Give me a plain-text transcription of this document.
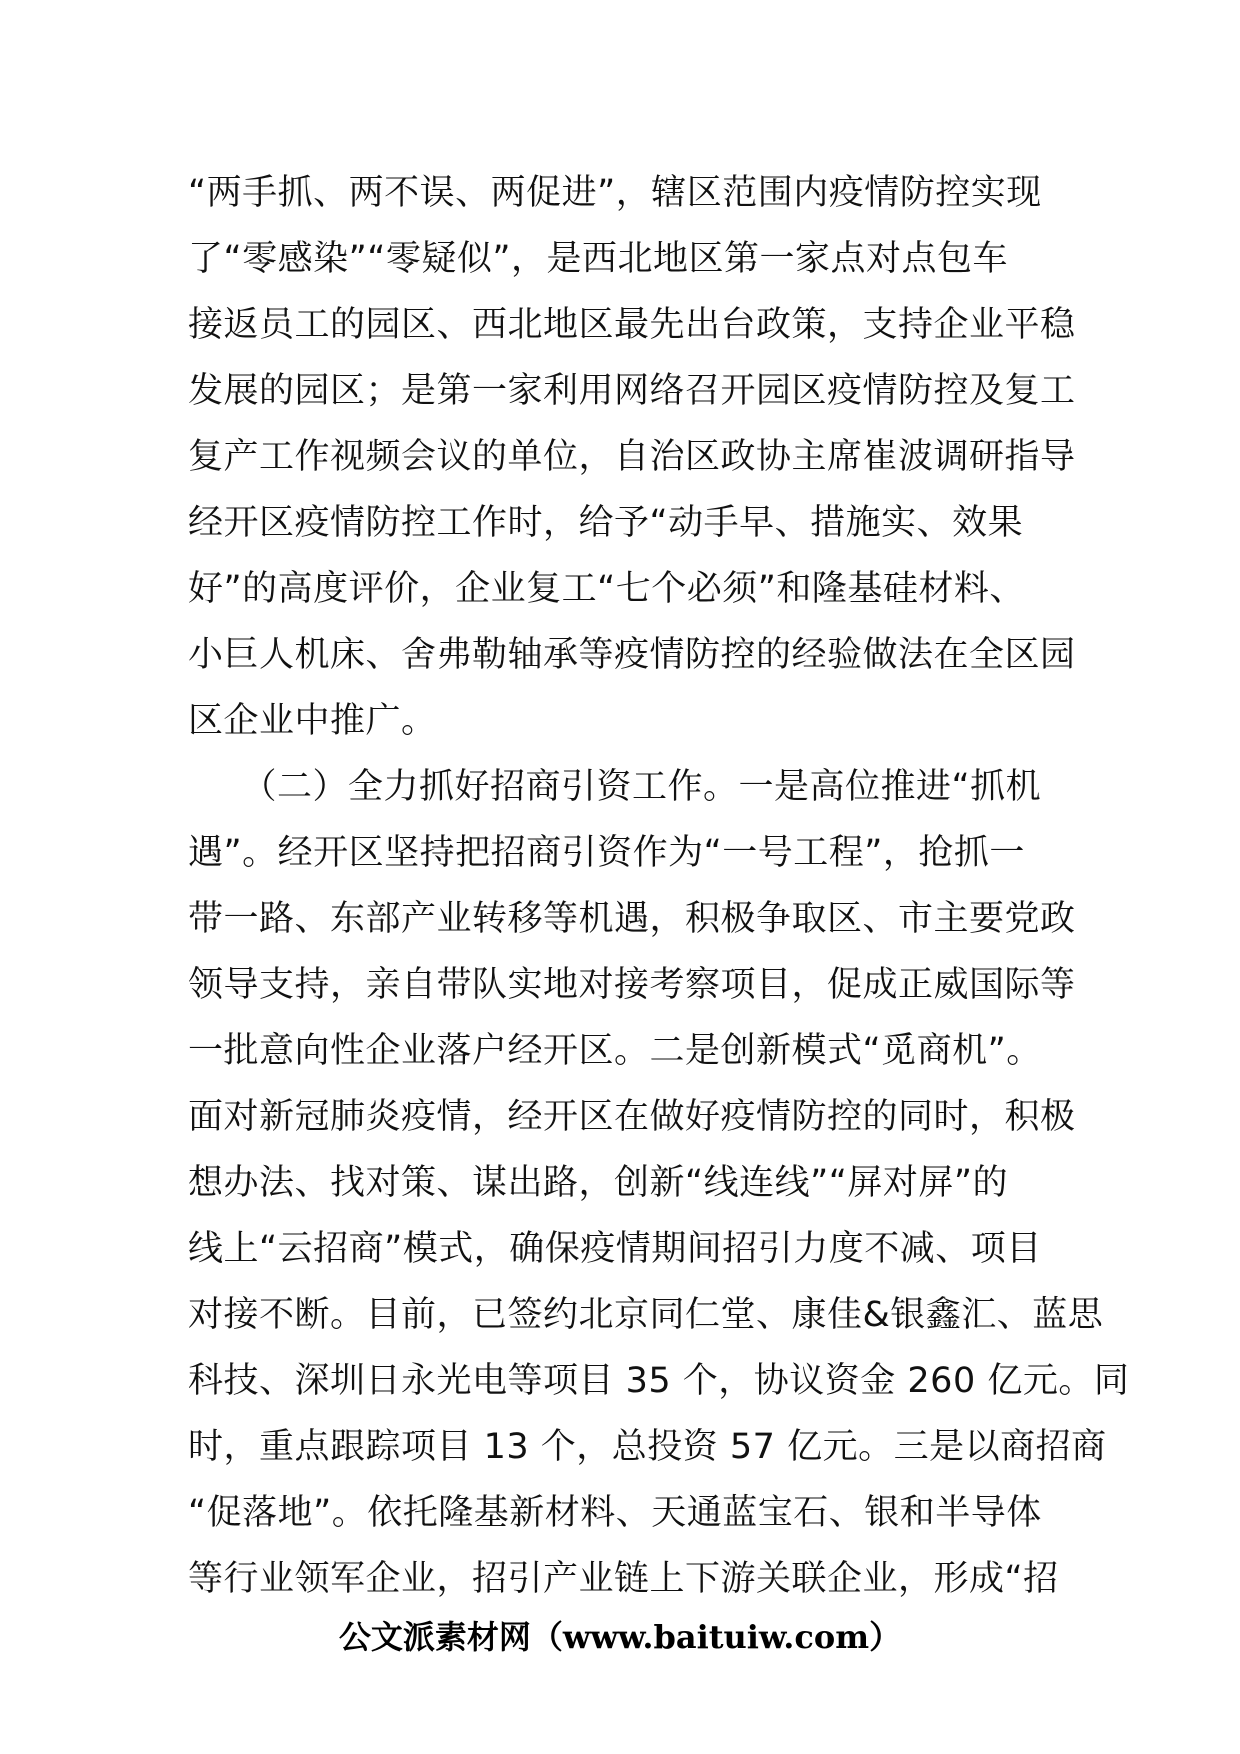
“两手抓、两不误、两促进”，辖区范围内疫情防控实现
了“零感染”“零疑似”，是西北地区第一家点对点包车
接返员工的园区、西北地区最先出台政策，支持企业平稳
发展的园区；是第一家利用网络召开园区疫情防控及复工
复产工作视频会议的单位，自治区政协主席崔波调研指导
经开区疫情防控工作时，给予“动手早、措施实、效果
好”的高度评价，企业复工“七个必须”和隆基硅材料、
小巨人机床、舍弗勒轴承等疫情防控的经验做法在全区园
区企业中推广。
　　（二）全力抓好招商引资工作。一是高位推进“抓机
遇”。经开区坚持把招商引资作为“一号工程”，抢抓一
带一路、东部产业转移等机遇，积极争取区、市主要党政
领导支持，亲自带队实地对接考察项目，促成正威国际等
一批意向性企业落户经开区。二是创新模式“觅商机”。
面对新冠肺炎疫情，经开区在做好疫情防控的同时，积极
想办法、找对策、谋出路，创新“线连线”“屏对屏”的
线上“云招商”模式，确保疫情期间招引力度不减、项目
对接不断。目前，已签约北京同仁堂、康佳&银鑫汇、蓝思
科技、深圳日永光电等项目 35 个，协议资金 260 亿元。同
时，重点跟踪项目 13 个，总投资 57 亿元。三是以商招商
“促落地”。依托隆基新材料、天通蓝宝石、银和半导体
等行业领军企业，招引产业链上下游关联企业，形成“招
公文派素材网（www.baituiw.com）
